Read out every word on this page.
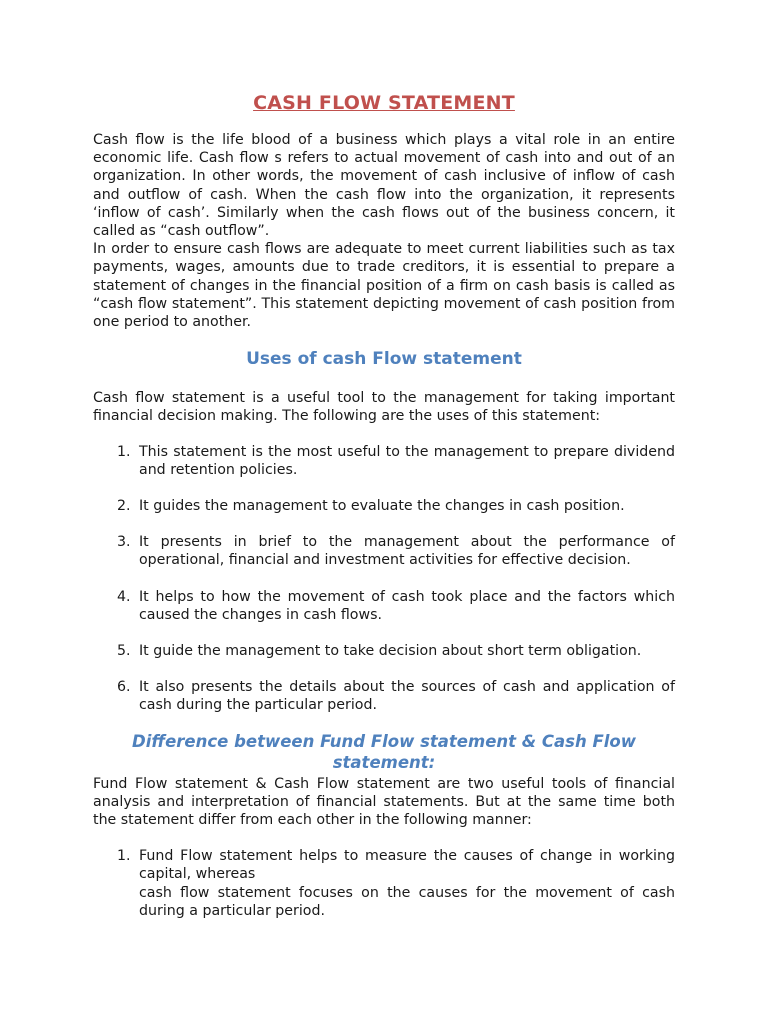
CASH FLOW STATEMENT

Cash flow is the life blood of a business which plays a vital role in an entire economic life. Cash flow s refers to actual movement of cash into and out of an organization. In other words, the movement of cash inclusive of inflow of cash and outflow of cash. When the cash flow into the organization, it represents ‘inflow of cash’. Similarly when the cash flows out of the business concern, it called as “cash outflow”.

In order to ensure cash flows are adequate to meet current liabilities such as tax payments, wages, amounts due to trade creditors, it is essential to prepare a statement of changes in the financial position of a firm on cash basis is called as “cash flow statement”. This statement depicting movement of cash position from one period to another.

Uses of cash Flow statement

Cash flow statement is a useful tool to the management for taking important financial decision making. The following are the uses of this statement:

1. This statement is the most useful to the management to prepare dividend and retention policies.
2. It guides the management to evaluate the changes in cash position.
3. It presents in brief to the management about the performance of operational, financial and investment activities for effective decision.
4. It helps to how the movement of cash took place and the factors which caused the changes in cash flows.
5. It guide the management to take decision about short term obligation.
6. It also presents the details about the sources of cash and application of cash during the particular period.
Difference between Fund Flow statement & Cash Flow statement:

Fund Flow statement & Cash Flow statement are two useful tools of financial analysis and interpretation of financial statements. But at the same time both the statement differ from each other in the following manner:

1. Fund Flow statement helps to measure the causes of change in working capital, whereas
cash flow statement focuses on the causes for the movement of cash during a particular period.
